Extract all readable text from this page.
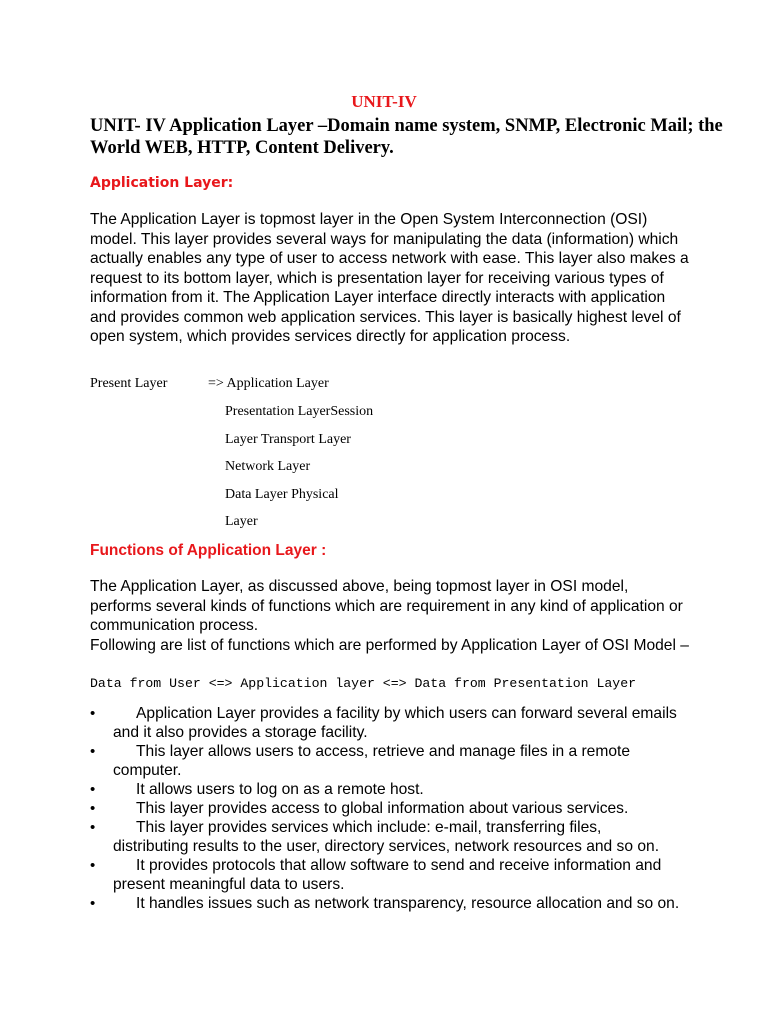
UNIT-IV
UNIT- IV Application Layer –Domain name system, SNMP, Electronic Mail; the World WEB, HTTP, Content Delivery.
Application Layer:
The Application Layer is topmost layer in the Open System Interconnection (OSI) model. This layer provides several ways for manipulating the data (information) which actually enables any type of user to access network with ease. This layer also makes a request to its bottom layer, which is presentation layer for receiving various types of information from it. The Application Layer interface directly interacts with application and provides common web application services. This layer is basically highest level of open system, which provides services directly for application process.
Present Layer	=> Application Layer
Presentation LayerSession
Layer Transport Layer
Network Layer
Data Layer Physical
Layer
Functions of Application Layer :
The Application Layer, as discussed above, being topmost layer in OSI model, performs several kinds of functions which are requirement in any kind of application or communication process.
Following are list of functions which are performed by Application Layer of OSI Model –
Data from User <=> Application layer <=> Data from Presentation Layer
•	Application Layer provides a facility by which users can forward several emails and it also provides a storage facility.
•	This layer allows users to access, retrieve and manage files in a remote computer.
•	It allows users to log on as a remote host.
•	This layer provides access to global information about various services.
•	This layer provides services which include: e-mail, transferring files, distributing results to the user, directory services, network resources and so on.
•	It provides protocols that allow software to send and receive information and present meaningful data to users.
•	It handles issues such as network transparency, resource allocation and so on.
